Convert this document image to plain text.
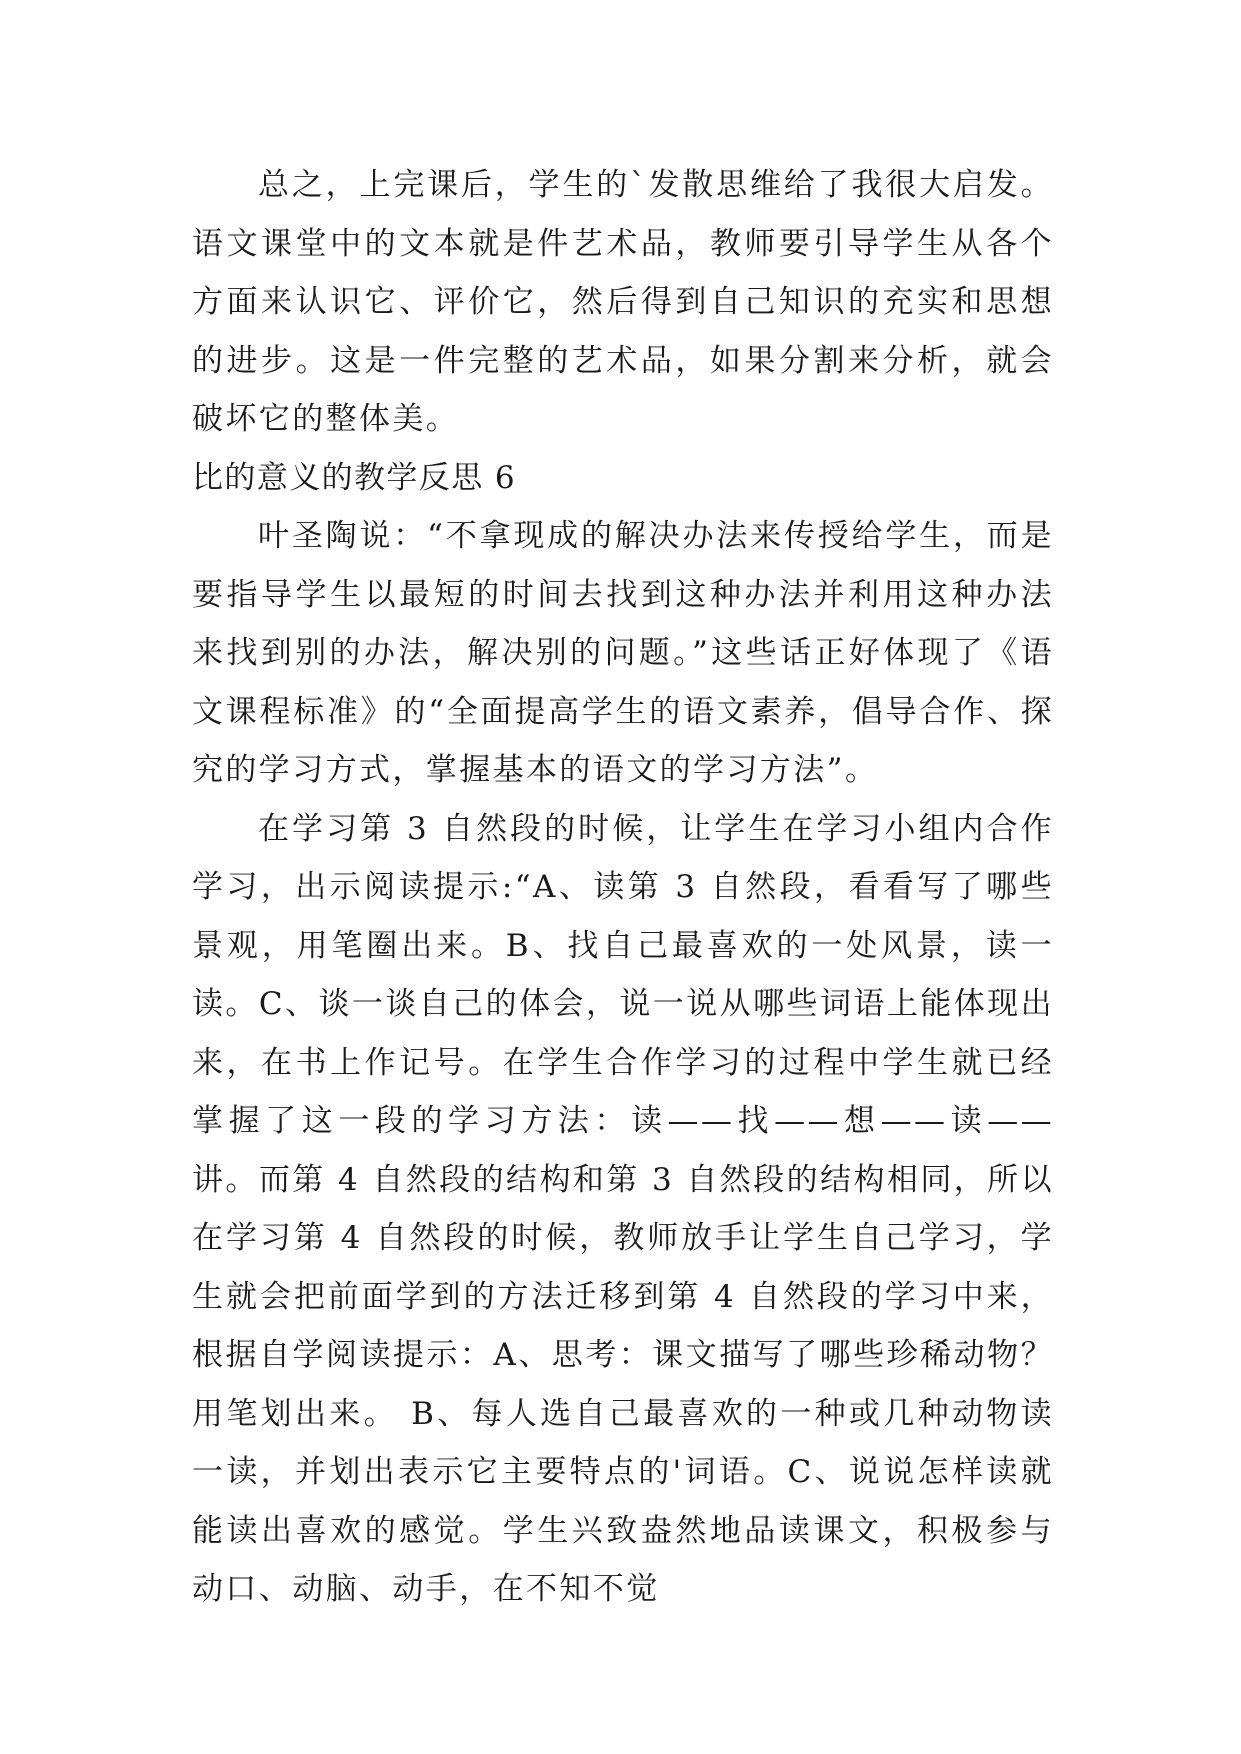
总之，上完课后，学生的`发散思维给了我很大启发。语文课堂中的文本就是件艺术品，教师要引导学生从各个方面来认识它、评价它，然后得到自己知识的充实和思想的进步。这是一件完整的艺术品，如果分割来分析，就会破坏它的整体美。

比的意义的教学反思 6

叶圣陶说：“不拿现成的解决办法来传授给学生，而是要指导学生以最短的时间去找到这种办法并利用这种办法来找到别的办法，解决别的问题。”这些话正好体现了《语文课程标准》的“全面提高学生的语文素养，倡导合作、探究的学习方式，掌握基本的语文的学习方法”。

在学习第 3 自然段的时候，让学生在学习小组内合作学习，出示阅读提示:“A、读第 3 自然段，看看写了哪些景观，用笔圈出来。B、找自己最喜欢的一处风景，读一读。C、谈一谈自己的体会，说一说从哪些词语上能体现出来，在书上作记号。在学生合作学习的过程中学生就已经掌握了这一段的学习方法：读——找——想——读——讲。而第 4 自然段的结构和第 3 自然段的结构相同，所以在学习第 4 自然段的时候，教师放手让学生自己学习，学生就会把前面学到的方法迁移到第 4 自然段的学习中来，根据自学阅读提示：A、思考：课文描写了哪些珍稀动物？用笔划出来。 B、每人选自己最喜欢的一种或几种动物读一读，并划出表示它主要特点的'词语。C、说说怎样读就能读出喜欢的感觉。学生兴致盎然地品读课文，积极参与动口、动脑、动手，在不知不觉
